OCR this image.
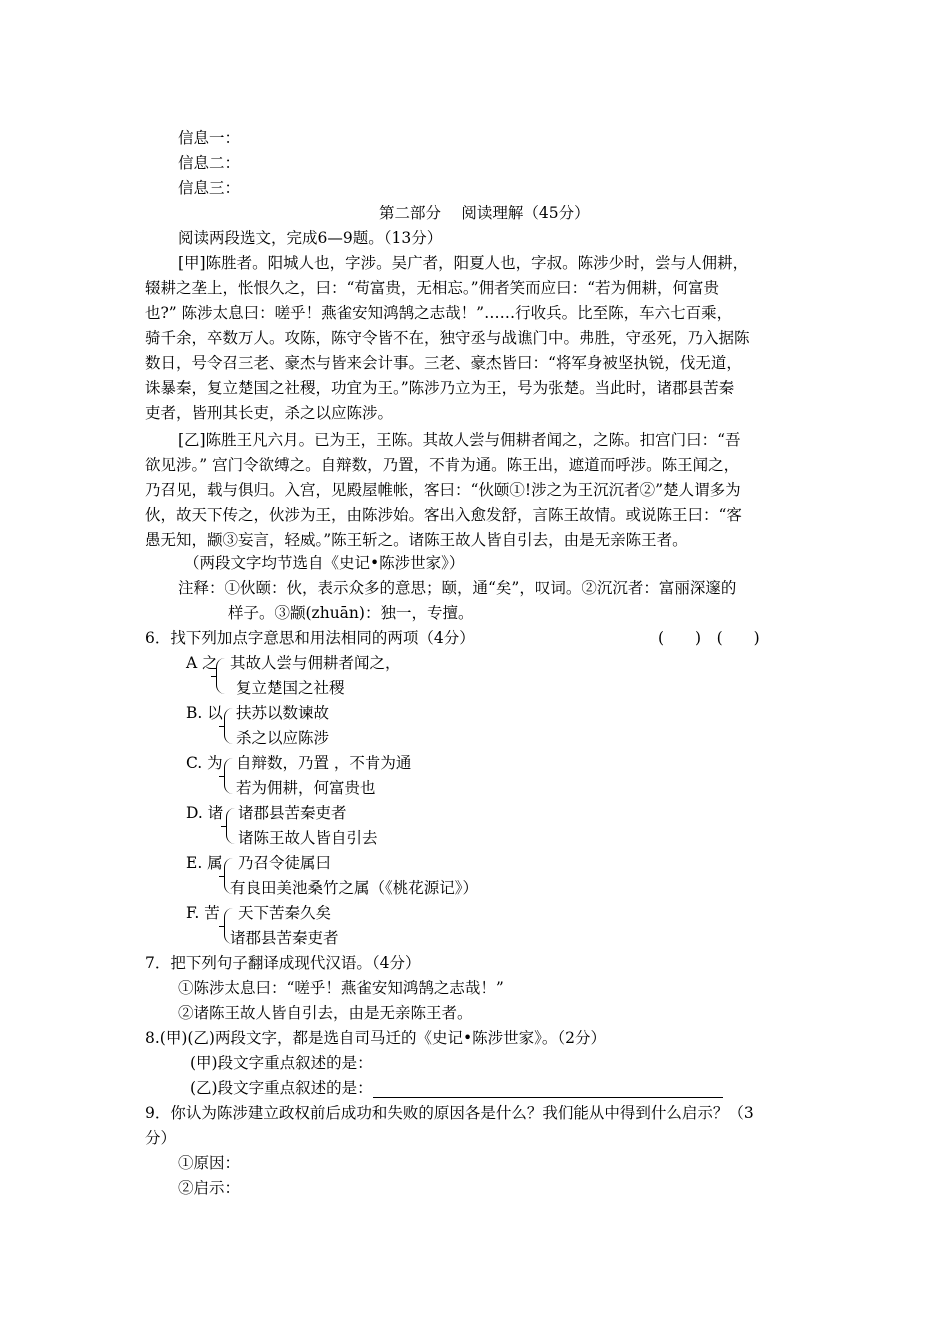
信息一：
信息二：
信息三：
第二部分　 阅读理解（45分）
阅读两段选文，完成6—9题。（13分）
[甲]陈胜者。阳城人也，字涉。吴广者，阳夏人也，字叔。陈涉少时，尝与人佣耕，
辍耕之垄上，怅恨久之，曰：“苟富贵，无相忘。”佣者笑而应曰：“若为佣耕，何富贵
也?” 陈涉太息曰：嗟乎！燕雀安知鸿鹄之志哉！”……行收兵。比至陈，车六七百乘，
骑千余，卒数万人。攻陈，陈守令皆不在，独守丞与战谯门中。弗胜，守丞死，乃入据陈
数日，号令召三老、豪杰与皆来会计事。三老、豪杰皆曰：“将军身被坚执锐，伐无道，
诛暴秦，复立楚国之社稷，功宜为王。”陈涉乃立为王，号为张楚。当此时，诸郡县苦秦
吏者，皆刑其长吏，杀之以应陈涉。
[乙]陈胜王凡六月。已为王，王陈。其故人尝与佣耕者闻之，之陈。扣宫门曰：“吾
欲见涉。” 宫门令欲缚之。自辩数，乃置，不肯为通。陈王出，遮道而呼涉。陈王闻之，
乃召见，载与俱归。入宫，见殿屋帷帐，客曰：“伙颐①!涉之为王沉沉者②”楚人谓多为
伙，故天下传之，伙涉为王，由陈涉始。客出入愈发舒，言陈王故情。或说陈王曰：“客
愚无知，颛③妄言，轻威。”陈王斩之。诸陈王故人皆自引去，由是无亲陈王者。
（两段文字均节选自《史记•陈涉世家》）
注释：①伙颐：伙，表示众多的意思；颐，通“矣”，叹词。②沉沉者：富丽深邃的
样子。③颛(zhuān)：独一，专擅。
6．找下列加点字意思和用法相同的两项（4分）	(　　)　(　　)
A 之 其故人尝与佣耕者闻之，
复立楚国之社稷
B. 以 扶苏以数谏故
杀之以应陈涉
C. 为 自辩数，乃置 ，不肯为通
若为佣耕，何富贵也
D. 诸 诸郡县苦秦吏者
诸陈王故人皆自引去
E. 属 乃召令徒属曰
有良田美池桑竹之属（《桃花源记》）
F. 苦 天下苦秦久矣
诸郡县苦秦吏者
7．把下列句子翻译成现代汉语。（4分）
①陈涉太息曰：“嗟乎！燕雀安知鸿鹄之志哉！”
②诸陈王故人皆自引去，由是无亲陈王者。
8.(甲)(乙)两段文字，都是选自司马迁的《史记•陈涉世家》。（2分）
(甲)段文字重点叙述的是：
(乙)段文字重点叙述的是：
9．你认为陈涉建立政权前后成功和失败的原因各是什么？我们能从中得到什么启示？（3
分）
①原因：
②启示：
